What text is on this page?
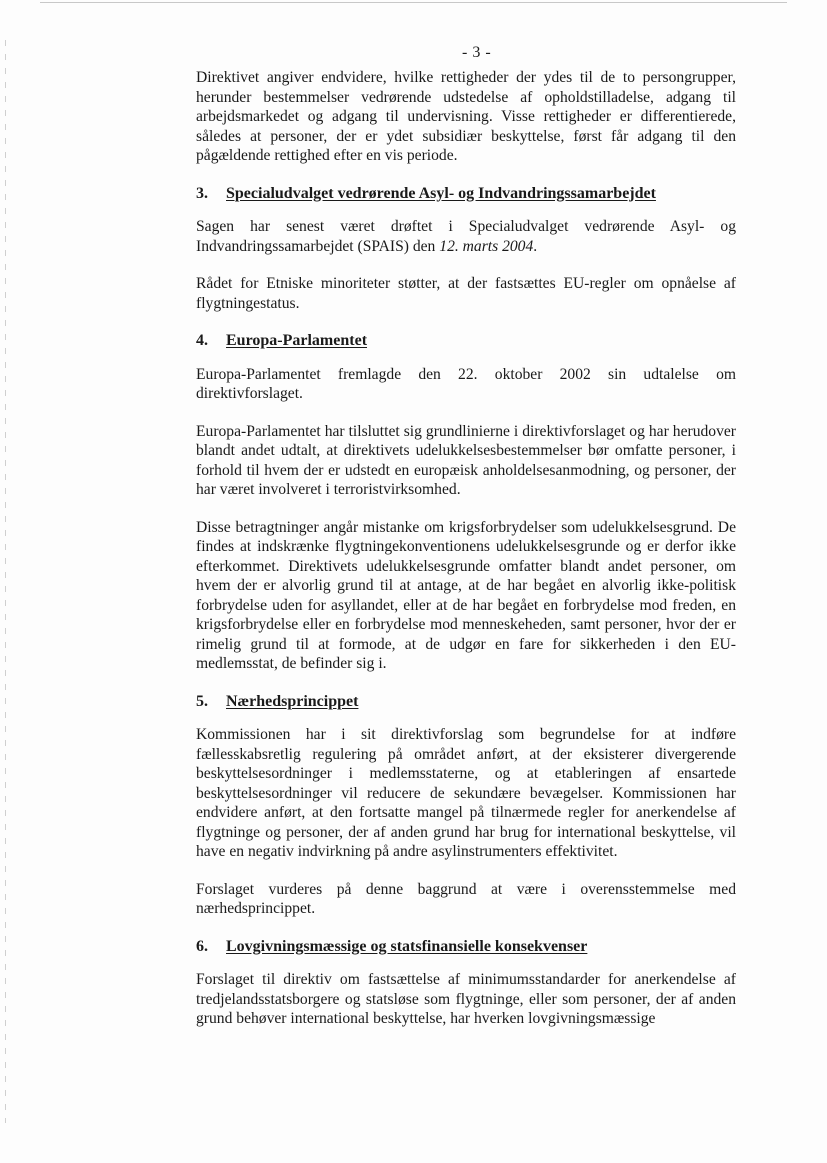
- 3 -

Direktivet angiver endvidere, hvilke rettigheder der ydes til de to persongrupper, herunder bestemmelser vedrørende udstedelse af opholdstilladelse, adgang til arbejdsmarkedet og adgang til undervisning. Visse rettigheder er differentierede, således at personer, der er ydet subsidiær beskyttelse, først får adgang til den pågældende rettighed efter en vis periode.

3.	Specialudvalget vedrørende Asyl- og Indvandringssamarbejdet

Sagen har senest været drøftet i Specialudvalget vedrørende Asyl- og Indvandringssamarbejdet (SPAIS) den 12. marts 2004.

Rådet for Etniske minoriteter støtter, at der fastsættes EU-regler om opnåelse af flygtningestatus.

4.	Europa-Parlamentet

Europa-Parlamentet fremlagde den 22. oktober 2002 sin udtalelse om direktivforslaget.

Europa-Parlamentet har tilsluttet sig grundlinierne i direktivforslaget og har herudover blandt andet udtalt, at direktivets udelukkelsesbestemmelser bør omfatte personer, i forhold til hvem der er udstedt en europæisk anholdelsesanmodning, og personer, der har været involveret i terroristvirksomhed.

Disse betragtninger angår mistanke om krigsforbrydelser som udelukkelsesgrund. De findes at indskrænke flygtningekonventionens udelukkelsesgrunde og er derfor ikke efterkommet. Direktivets udelukkelsesgrunde omfatter blandt andet personer, om hvem der er alvorlig grund til at antage, at de har begået en alvorlig ikke-politisk forbrydelse uden for asyllandet, eller at de har begået en forbrydelse mod freden, en krigsforbrydelse eller en forbrydelse mod menneskeheden, samt personer, hvor der er rimelig grund til at formode, at de udgør en fare for sikkerheden i den EU-medlemsstat, de befinder sig i.

5.	Nærhedsprincippet

Kommissionen har i sit direktivforslag som begrundelse for at indføre fællesskabsretlig regulering på området anført, at der eksisterer divergerende beskyttelsesordninger i medlemsstaterne, og at etableringen af ensartede beskyttelsesordninger vil reducere de sekundære bevægelser. Kommissionen har endvidere anført, at den fortsatte mangel på tilnærmede regler for anerkendelse af flygtninge og personer, der af anden grund har brug for international beskyttelse, vil have en negativ indvirkning på andre asylinstrumenters effektivitet.

Forslaget vurderes på denne baggrund at være i overensstemmelse med nærhedsprincippet.

6.	Lovgivningsmæssige og statsfinansielle konsekvenser

Forslaget til direktiv om fastsættelse af minimumsstandarder for anerkendelse af tredjelandsstatsborgere og statsløse som flygtninge, eller som personer, der af anden grund behøver international beskyttelse, har hverken lovgivningsmæssige
